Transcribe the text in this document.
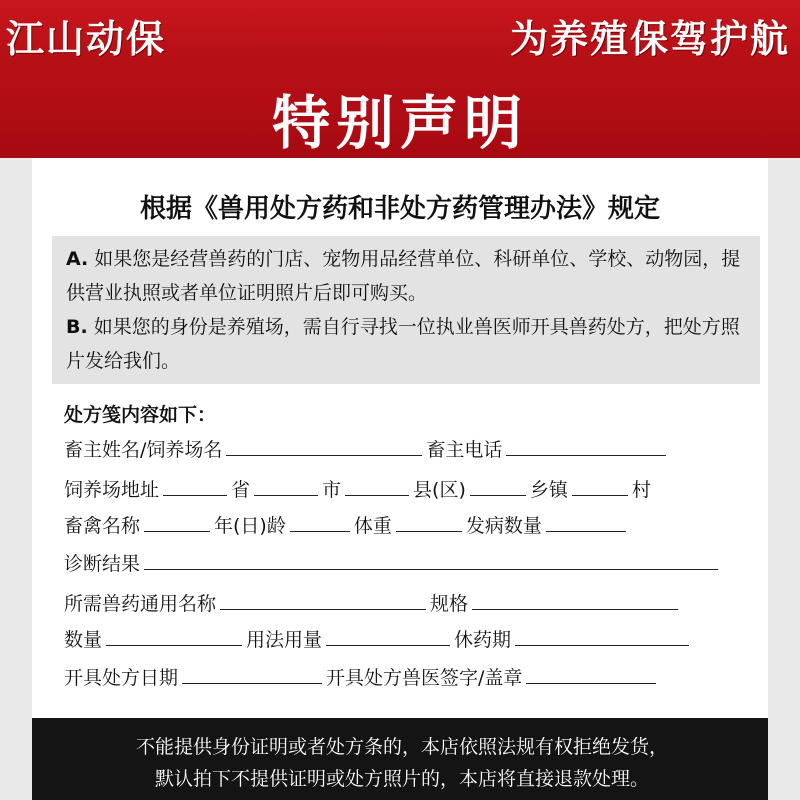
江山动保	为养殖保驾护航
特别声明
根据《兽用处方药和非处方药管理办法》规定
A. 如果您是经营兽药的门店、宠物用品经营单位、科研单位、学校、动物园，提供营业执照或者单位证明照片后即可购买。
B. 如果您的身份是养殖场，需自行寻找一位执业兽医师开具兽药处方，把处方照片发给我们。
处方笺内容如下：
畜主姓名/饲养场名	畜主电话
饲养场地址	省	市	县(区)	乡镇	村
畜禽名称	年(日)龄	体重	发病数量
诊断结果
所需兽药通用名称	规格
数量	用法用量	休药期
开具处方日期	开具处方兽医签字/盖章
不能提供身份证明或者处方条的，本店依照法规有权拒绝发货，
默认拍下不提供证明或处方照片的，本店将直接退款处理。
